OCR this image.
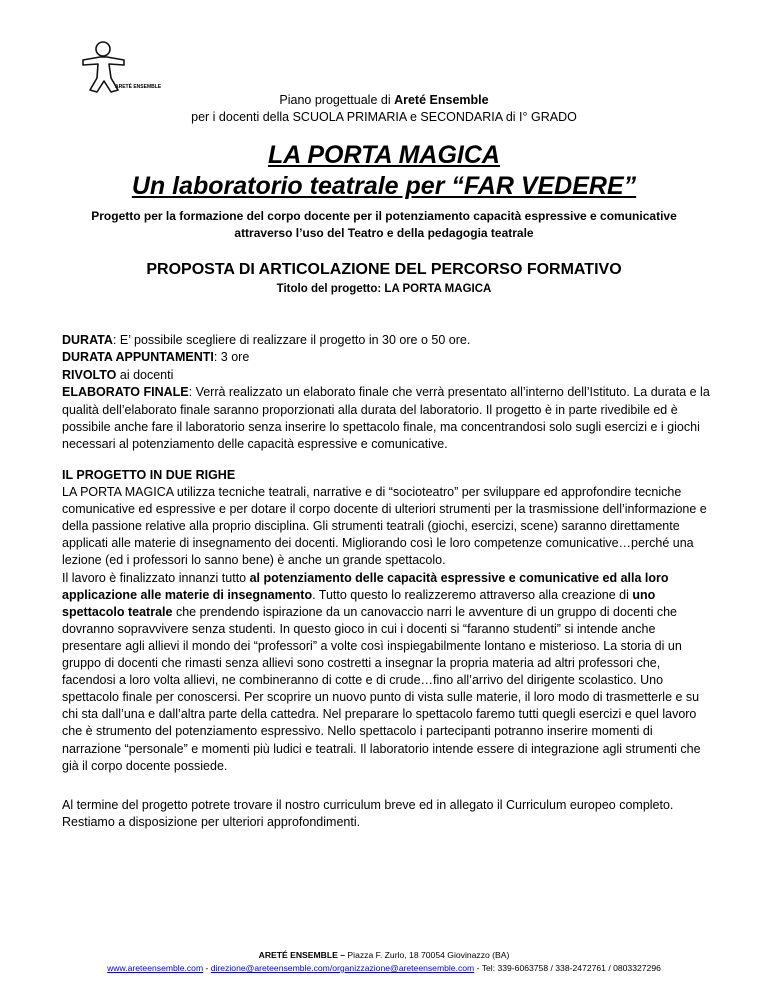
ARETÉ ENSEMBLE
Piano progettuale di Areté Ensemble
per i docenti della SCUOLA PRIMARIA e SECONDARIA di I° GRADO
LA PORTA MAGICA
Un laboratorio teatrale per “FAR VEDERE”
Progetto per la formazione del corpo docente per il potenziamento capacità espressive e comunicative attraverso l’uso del Teatro e della pedagogia teatrale
PROPOSTA DI ARTICOLAZIONE DEL PERCORSO FORMATIVO
Titolo del progetto: LA PORTA MAGICA

DURATA: E’ possibile scegliere di realizzare il progetto in 30 ore o 50 ore.

DURATA APPUNTAMENTI: 3 ore

RIVOLTO ai docenti

ELABORATO FINALE: Verrà realizzato un elaborato finale che verrà presentato all’interno dell’Istituto. La durata e la qualità dell’elaborato finale saranno proporzionati alla durata del laboratorio. Il progetto è in parte rivedibile ed è possibile anche fare il laboratorio senza inserire lo spettacolo finale, ma concentrandosi solo sugli esercizi e i giochi necessari al potenziamento delle capacità espressive e comunicative.

IL PROGETTO IN DUE RIGHE

LA PORTA MAGICA utilizza tecniche teatrali, narrative e di “socioteatro” per sviluppare ed approfondire tecniche comunicative ed espressive e per dotare il corpo docente di ulteriori strumenti per la trasmissione dell’informazione e della passione relative alla proprio disciplina. Gli strumenti teatrali (giochi, esercizi, scene) saranno direttamente applicati alle materie di insegnamento dei docenti. Migliorando così le loro competenze comunicative…perché una lezione (ed i professori lo sanno bene) è anche un grande spettacolo.

Il lavoro è finalizzato innanzi tutto al potenziamento delle capacità espressive e comunicative ed alla loro applicazione alle materie di insegnamento. Tutto questo lo realizzeremo attraverso alla creazione di uno spettacolo teatrale che prendendo ispirazione da un canovaccio narri le avventure di un gruppo di docenti che dovranno sopravvivere senza studenti. In questo gioco in cui i docenti si “faranno studenti” si intende anche presentare agli allievi il mondo dei “professori” a volte così inspiegabilmente lontano e misterioso. La storia di un gruppo di docenti che rimasti senza allievi sono costretti a insegnar la propria materia ad altri professori che, facendosi a loro volta allievi, ne combineranno di cotte e di crude…fino all’arrivo del dirigente scolastico. Uno spettacolo finale per conoscersi. Per scoprire un nuovo punto di vista sulle materie, il loro modo di trasmetterle e su chi sta dall’una e dall’altra parte della cattedra. Nel preparare lo spettacolo faremo tutti quegli esercizi e quel lavoro che è strumento del potenziamento espressivo. Nello spettacolo i partecipanti potranno inserire momenti di narrazione “personale” e momenti più ludici e teatrali. Il laboratorio intende essere di integrazione agli strumenti che già il corpo docente possiede.

Al termine del progetto potrete trovare il nostro curriculum breve ed in allegato il Curriculum europeo completo. Restiamo a disposizione per ulteriori approfondimenti.
ARETÉ ENSEMBLE – Piazza F. Zurlo, 18 70054 Giovinazzo (BA)
www.areteensemble.com - direzione@areteensemble.com/organizzazione@areteensemble.com - Tel: 339-6063758 / 338-2472761 / 0803327296
